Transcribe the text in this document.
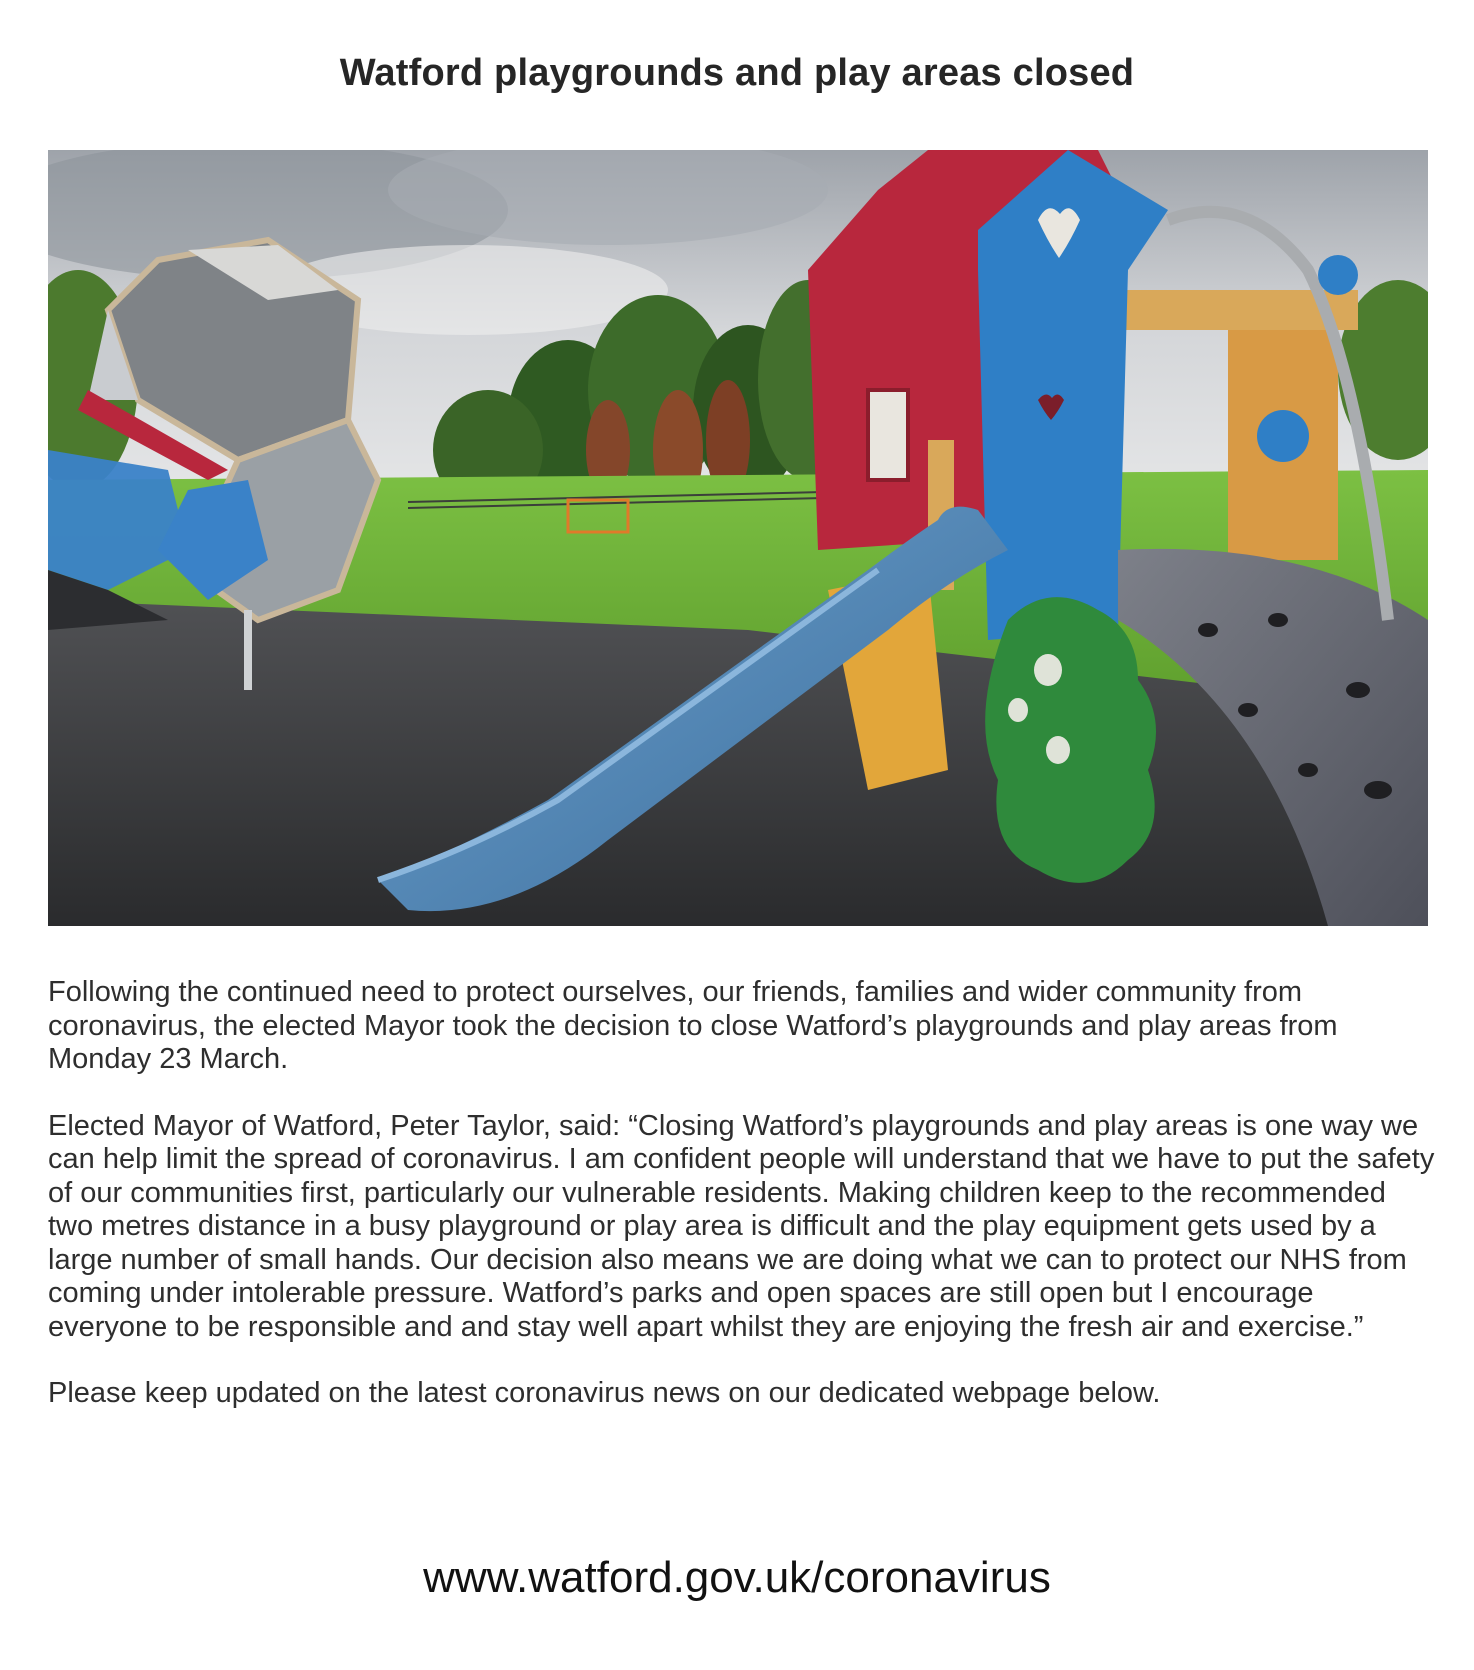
Watford playgrounds and play areas closed

Following the continued need to protect ourselves, our friends, families and wider community from coronavirus, the elected Mayor took the decision to close Watford’s playgrounds and play areas from Monday 23 March.

Elected Mayor of Watford, Peter Taylor, said: “Closing Watford’s playgrounds and play areas is one way we can help limit the spread of coronavirus. I am confident people will understand that we have to put the safety of our communities first, particularly our vulnerable residents. Making children keep to the recommended two metres distance in a busy playground or play area is difficult and the play equipment gets used by a large number of small hands. Our decision also means we are doing what we can to protect our NHS from coming under intolerable pressure. Watford’s parks and open spaces are still open but I encourage everyone to be responsible and and stay well apart whilst they are enjoying the fresh air and exercise.”

Please keep updated on the latest coronavirus news on our dedicated webpage below.

www.watford.gov.uk/coronavirus
